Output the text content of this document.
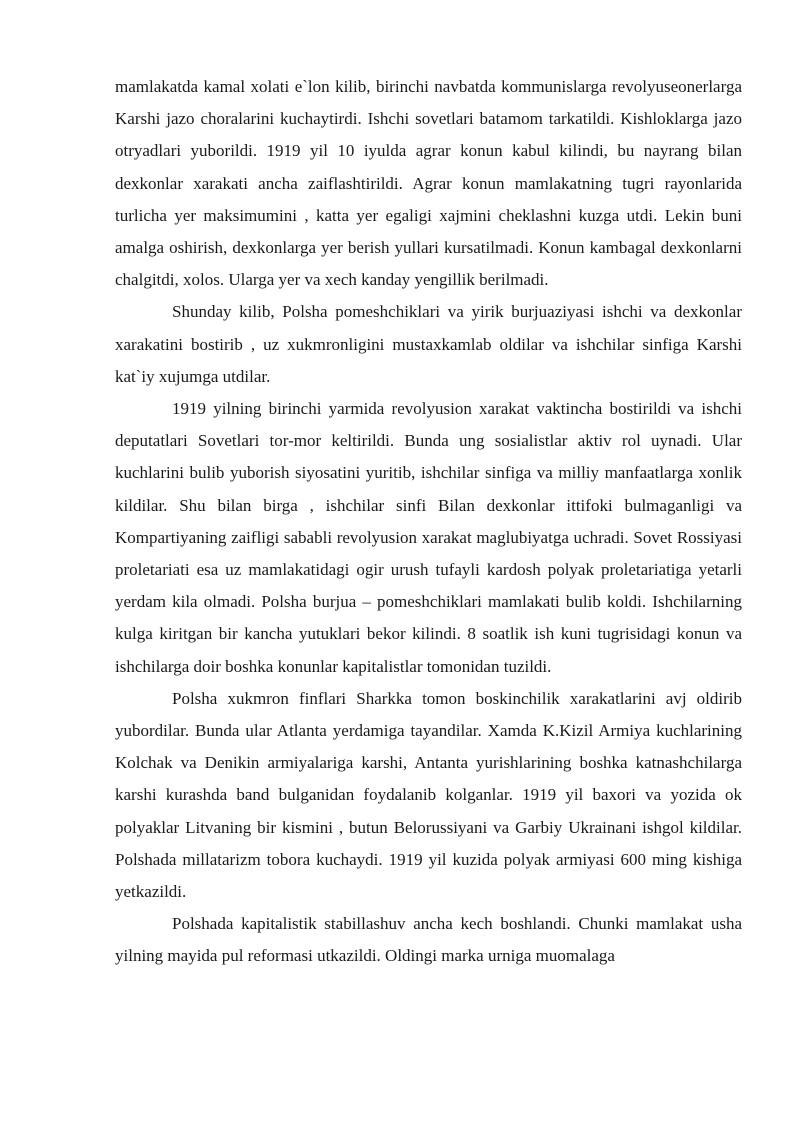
mamlakatda kamal xolati e`lon kilib, birinchi navbatda kommunislarga revolyuseonerlarga Karshi jazo choralarini kuchaytirdi. Ishchi sovetlari batamom tarkatildi. Kishloklarga jazo otryadlari yuborildi. 1919 yil 10 iyulda agrar konun kabul kilindi, bu nayrang bilan dexkonlar xarakati ancha zaiflashtirildi. Agrar konun mamlakatning tugri rayonlarida turlicha yer maksimumini , katta yer egaligi xajmini cheklashni kuzga utdi. Lekin buni amalga oshirish, dexkonlarga yer berish yullari kursatilmadi. Konun kambagal dexkonlarni chalgitdi, xolos. Ularga yer va xech kanday yengillik berilmadi.

Shunday kilib, Polsha pomeshchiklari va yirik burjuaziyasi ishchi va dexkonlar xarakatini bostirib , uz xukmronligini mustaxkamlab oldilar va ishchilar sinfiga Karshi kat`iy xujumga utdilar.

1919 yilning birinchi yarmida revolyusion xarakat vaktincha bostirildi va ishchi deputatlari Sovetlari tor-mor keltirildi. Bunda ung sosialistlar aktiv rol uynadi. Ular kuchlarini bulib yuborish siyosatini yuritib, ishchilar sinfiga va milliy manfaatlarga xonlik kildilar. Shu bilan birga , ishchilar sinfi Bilan dexkonlar ittifoki bulmaganligi va Kompartiyaning zaifligi sababli revolyusion xarakat maglubiyatga uchradi. Sovet Rossiyasi proletariati esa uz mamlakatidagi ogir urush tufayli kardosh polyak proletariatiga yetarli yerdam kila olmadi. Polsha burjua – pomeshchiklari mamlakati bulib koldi. Ishchilarning kulga kiritgan bir kancha yutuklari bekor kilindi. 8 soatlik ish kuni tugrisidagi konun va ishchilarga doir boshka konunlar kapitalistlar tomonidan tuzildi.

Polsha xukmron finflari Sharkka tomon boskinchilik xarakatlarini avj oldirib yubordilar. Bunda ular Atlanta yerdamiga tayandilar. Xamda K.Kizil Armiya kuchlarining Kolchak va Denikin armiyalariga karshi, Antanta yurishlarining boshka katnashchilarga karshi kurashda band bulganidan foydalanib kolganlar. 1919 yil baxori va yozida ok polyaklar Litvaning bir kismini , butun Belorussiyani va Garbiy Ukrainani ishgol kildilar. Polshada millatarizm tobora kuchaydi. 1919 yil kuzida polyak armiyasi 600 ming kishiga yetkazildi.

Polshada kapitalistik stabillashuv ancha kech boshlandi. Chunki mamlakat usha yilning mayida pul reformasi utkazildi. Oldingi marka urniga muomalaga
